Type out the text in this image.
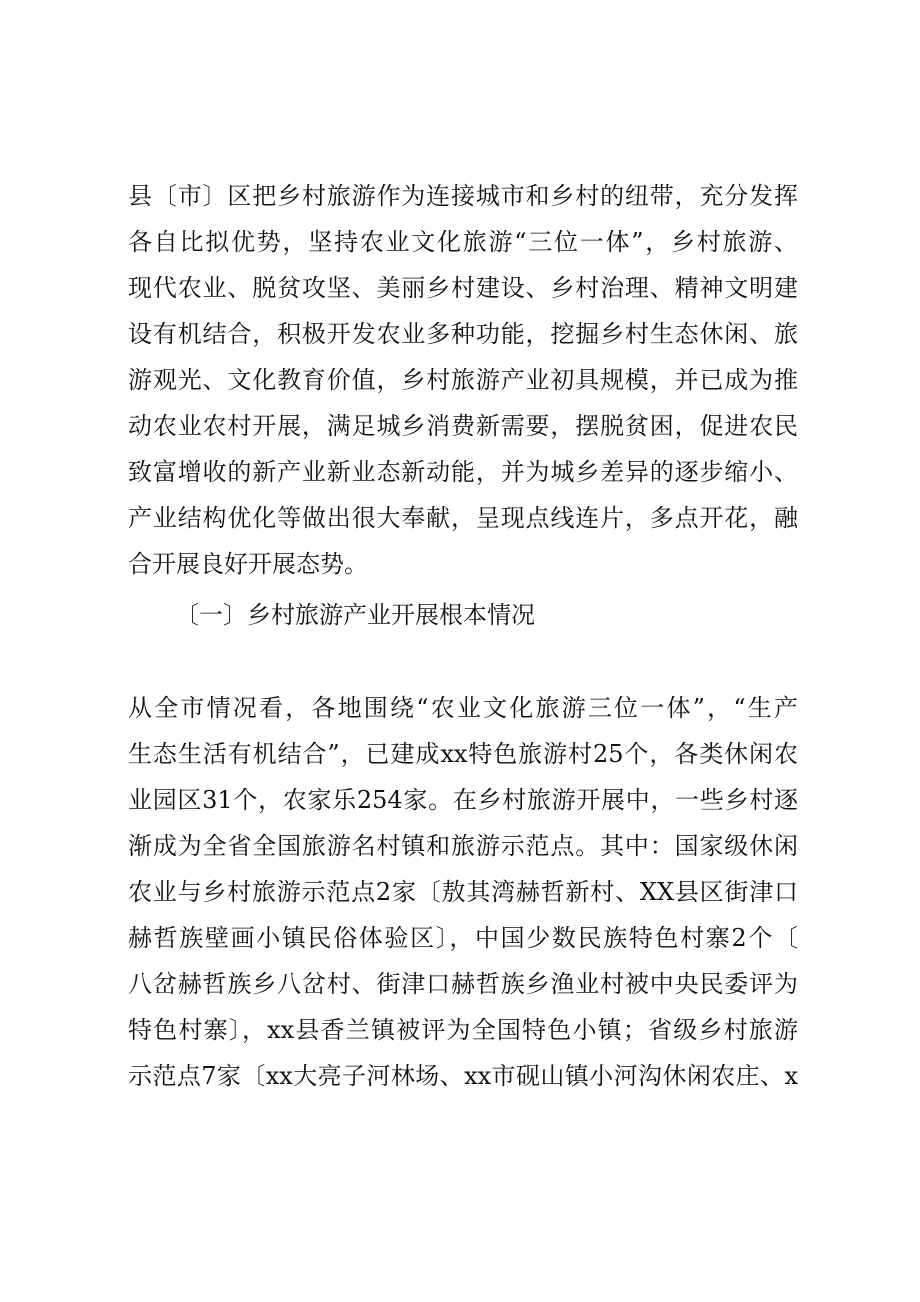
县〔市〕区把乡村旅游作为连接城市和乡村的纽带，充分发挥
各自比拟优势，坚持农业文化旅游“三位一体”，乡村旅游、
现代农业、脱贫攻坚、美丽乡村建设、乡村治理、精神文明建
设有机结合，积极开发农业多种功能，挖掘乡村生态休闲、旅
游观光、文化教育价值，乡村旅游产业初具规模，并已成为推
动农业农村开展，满足城乡消费新需要，摆脱贫困，促进农民
致富增收的新产业新业态新动能，并为城乡差异的逐步缩小、
产业结构优化等做出很大奉献，呈现点线连片，多点开花，融
合开展良好开展态势。
〔一〕乡村旅游产业开展根本情况
从全市情况看，各地围绕“农业文化旅游三位一体”，“生产
生态生活有机结合”，已建成xx特色旅游村25个，各类休闲农
业园区31个，农家乐254家。在乡村旅游开展中，一些乡村逐
渐成为全省全国旅游名村镇和旅游示范点。其中：国家级休闲
农业与乡村旅游示范点2家〔敖其湾赫哲新村、XX县区街津口
赫哲族壁画小镇民俗体验区〕，中国少数民族特色村寨2个〔
八岔赫哲族乡八岔村、街津口赫哲族乡渔业村被中央民委评为
特色村寨〕，xx县香兰镇被评为全国特色小镇；省级乡村旅游
示范点7家〔xx大亮子河林场、xx市砚山镇小河沟休闲农庄、x
